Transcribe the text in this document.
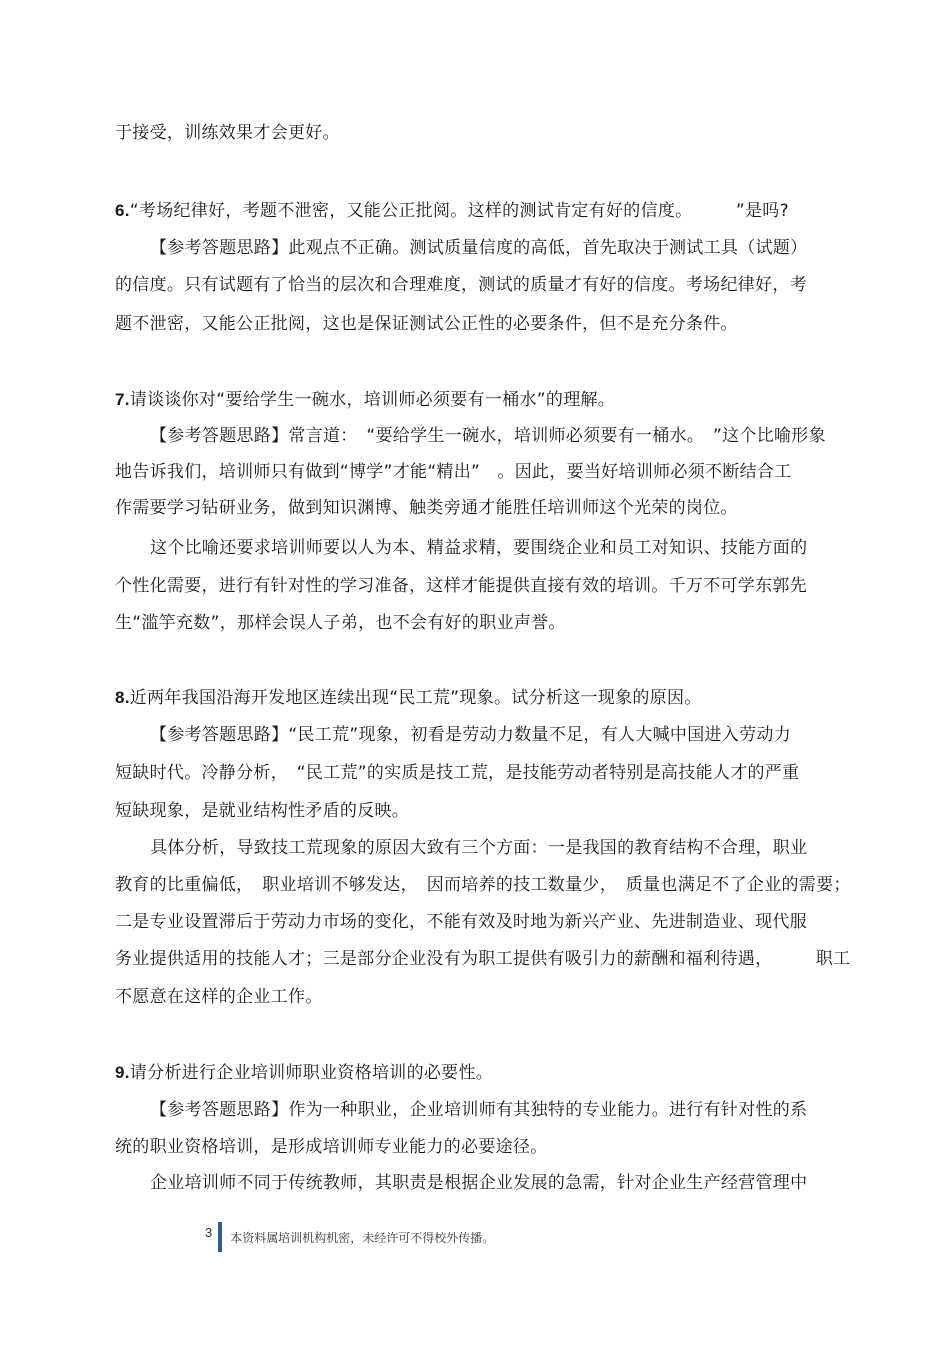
于接受，训练效果才会更好。
6.“考场纪律好，考题不泄密，又能公正批阅。这样的测试肯定有好的信度。　　　”是吗?
【参考答题思路】此观点不正确。测试质量信度的高低，首先取决于测试工具（试题）
的信度。只有试题有了恰当的层次和合理难度，测试的质量才有好的信度。考场纪律好，考
题不泄密，又能公正批阅，这也是保证测试公正性的必要条件，但不是充分条件。
7.请谈谈你对“要给学生一碗水，培训师必须要有一桶水”的理解。
【参考答题思路】常言道：　“要给学生一碗水，培训师必须要有一桶水。　”这个比喻形象
地告诉我们，培训师只有做到“博学”才能“精出”　。因此，要当好培训师必须不断结合工
作需要学习钻研业务，做到知识渊博、触类旁通才能胜任培训师这个光荣的岗位。
这个比喻还要求培训师要以人为本、精益求精，要围绕企业和员工对知识、技能方面的
个性化需要，进行有针对性的学习准备，这样才能提供直接有效的培训。千万不可学东郭先
生“滥竽充数”，那样会误人子弟，也不会有好的职业声誉。
8.近两年我国沿海开发地区连续出现“民工荒”现象。试分析这一现象的原因。
【参考答题思路】“民工荒”现象，初看是劳动力数量不足，有人大喊中国进入劳动力
短缺时代。冷静分析，　“民工荒”的实质是技工荒，是技能劳动者特别是高技能人才的严重
短缺现象，是就业结构性矛盾的反映。
具体分析，导致技工荒现象的原因大致有三个方面：一是我国的教育结构不合理，职业
教育的比重偏低，　职业培训不够发达，　因而培养的技工数量少，　质量也满足不了企业的需要；
二是专业设置滞后于劳动力市场的变化，不能有效及时地为新兴产业、先进制造业、现代服
务业提供适用的技能人才；三是部分企业没有为职工提供有吸引力的薪酬和福利待遇，　　　职工
不愿意在这样的企业工作。
9.请分析进行企业培训师职业资格培训的必要性。
【参考答题思路】作为一种职业，企业培训师有其独特的专业能力。进行有针对性的系
统的职业资格培训，是形成培训师专业能力的必要途径。
企业培训师不同于传统教师，其职责是根据企业发展的急需，针对企业生产经营管理中
3 本资料属培训机构机密，未经许可不得校外传播。
